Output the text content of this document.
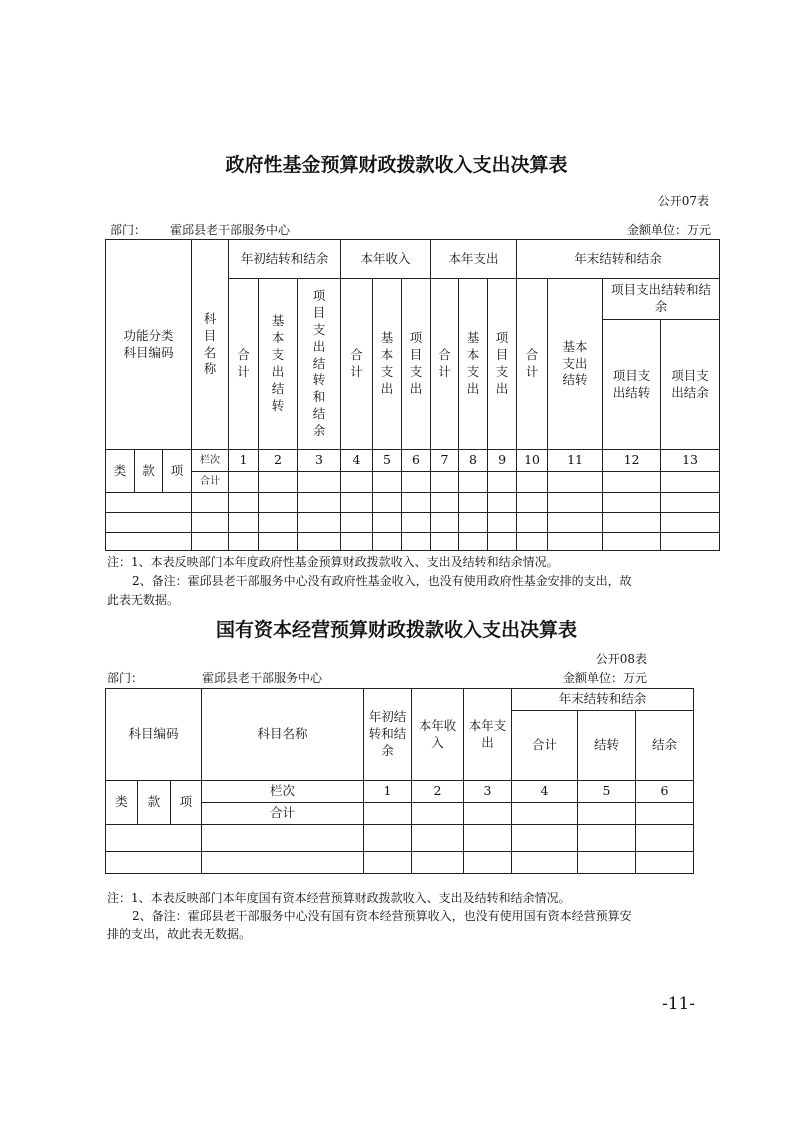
政府性基金预算财政拨款收入支出决算表
公开07表
部门： 霍邱县老干部服务中心	金额单位：万元
功能分类科目编码			科目名称	年初结转和结余			本年收入			本年支出			年末结转和结余			
				合计	基本支出结转	项目支出结转和结余	合计	基本支出	项目支出	合计	基本支出	项目支出	合计	基本支出结转	项目支出结转和结余	
															项目支出结转	项目支出结余
类	款	项	栏次	1	2	3	4	5	6	7	8	9	10	11	12	13
			合计													

注：1、本表反映部门本年度政府性基金预算财政拨款收入、支出及结转和结余情况。
2、备注：霍邱县老干部服务中心没有政府性基金收入，也没有使用政府性基金安排的支出，故
此表无数据。
国有资本经营预算财政拨款收入支出决算表
公开08表
部门：	霍邱县老干部服务中心	金额单位：万元
科目编码			科目名称	年初结转和结余	本年收入	本年支出	年末结转和结余		
							合计	结转	结余
类	款	项	栏次	1	2	3	4	5	6
			合计						

注：1、本表反映部门本年度国有资本经营预算财政拨款收入、支出及结转和结余情况。
2、备注：霍邱县老干部服务中心没有国有资本经营预算收入，也没有使用国有资本经营预算安
排的支出，故此表无数据。
-11-
